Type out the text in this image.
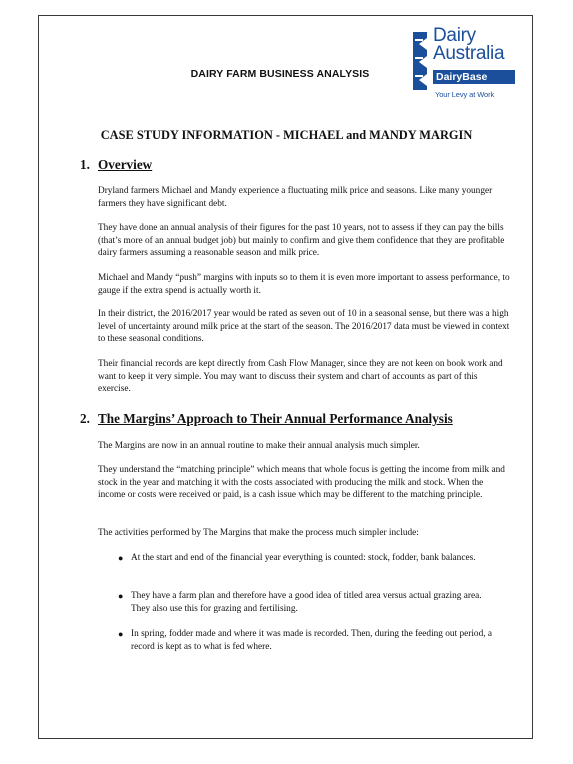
DAIRY FARM BUSINESS ANALYSIS
Dairy
Australia
DairyBase
Your Levy at Work
CASE STUDY INFORMATION - MICHAEL and MANDY MARGIN
1. Overview
Dryland farmers Michael and Mandy experience a fluctuating milk price and seasons. Like many younger farmers they have significant debt.
They have done an annual analysis of their figures for the past 10 years, not to assess if they can pay the bills (that’s more of an annual budget job) but mainly to confirm and give them confidence that they are profitable dairy farmers assuming a reasonable season and milk price.
Michael and Mandy “push” margins with inputs so to them it is even more important to assess performance, to gauge if the extra spend is actually worth it.
In their district, the 2016/2017 year would be rated as seven out of 10 in a seasonal sense, but there was a high level of uncertainty around milk price at the start of the season. The 2016/2017 data must be viewed in context to these seasonal conditions.
Their financial records are kept directly from Cash Flow Manager, since they are not keen on book work and want to keep it very simple. You may want to discuss their system and chart of accounts as part of this exercise.
2. The Margins’ Approach to Their Annual Performance Analysis
The Margins are now in an annual routine to make their annual analysis much simpler.
They understand the “matching principle” which means that whole focus is getting the income from milk and stock in the year and matching it with the costs associated with producing the milk and stock. When the income or costs were received or paid, is a cash issue which may be different to the matching principle.
The activities performed by The Margins that make the process much simpler include:
● At the start and end of the financial year everything is counted: stock, fodder, bank balances.
● They have a farm plan and therefore have a good idea of titled area versus actual grazing area. They also use this for grazing and fertilising.
● In spring, fodder made and where it was made is recorded. Then, during the feeding out period, a record is kept as to what is fed where.
